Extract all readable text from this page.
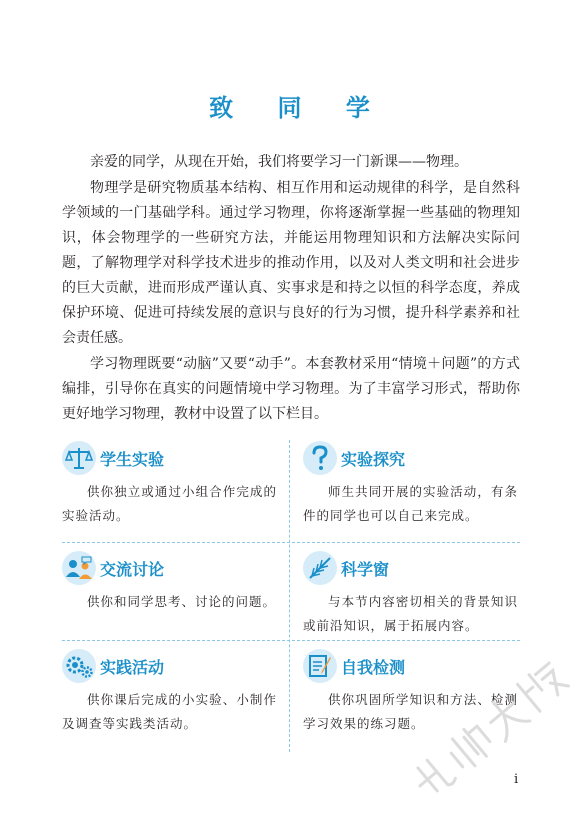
致 同 学

亲爱的同学，从现在开始，我们将要学习一门新课——物理。

物理学是研究物质基本结构、相互作用和运动规律的科学，是自然科学领域的一门基础学科。通过学习物理，你将逐渐掌握一些基础的物理知识，体会物理学的一些研究方法，并能运用物理知识和方法解决实际问题，了解物理学对科学技术进步的推动作用，以及对人类文明和社会进步的巨大贡献，进而形成严谨认真、实事求是和持之以恒的科学态度，养成保护环境、促进可持续发展的意识与良好的行为习惯，提升科学素养和社会责任感。

学习物理既要“动脑”又要“动手”。本套教材采用“情境＋问题”的方式编排，引导你在真实的问题情境中学习物理。为了丰富学习形式，帮助你更好地学习物理，教材中设置了以下栏目。

学生实验
供你独立或通过小组合作完成的实验活动。
实验探究
师生共同开展的实验活动，有条件的同学也可以自己来完成。
交流讨论
供你和同学思考、讨论的问题。
科学窗
与本节内容密切相关的背景知识或前沿知识，属于拓展内容。
实践活动
供你课后完成的小实验、小制作及调查等实践类活动。
自我检测
供你巩固所学知识和方法、检测学习效果的练习题。
i
